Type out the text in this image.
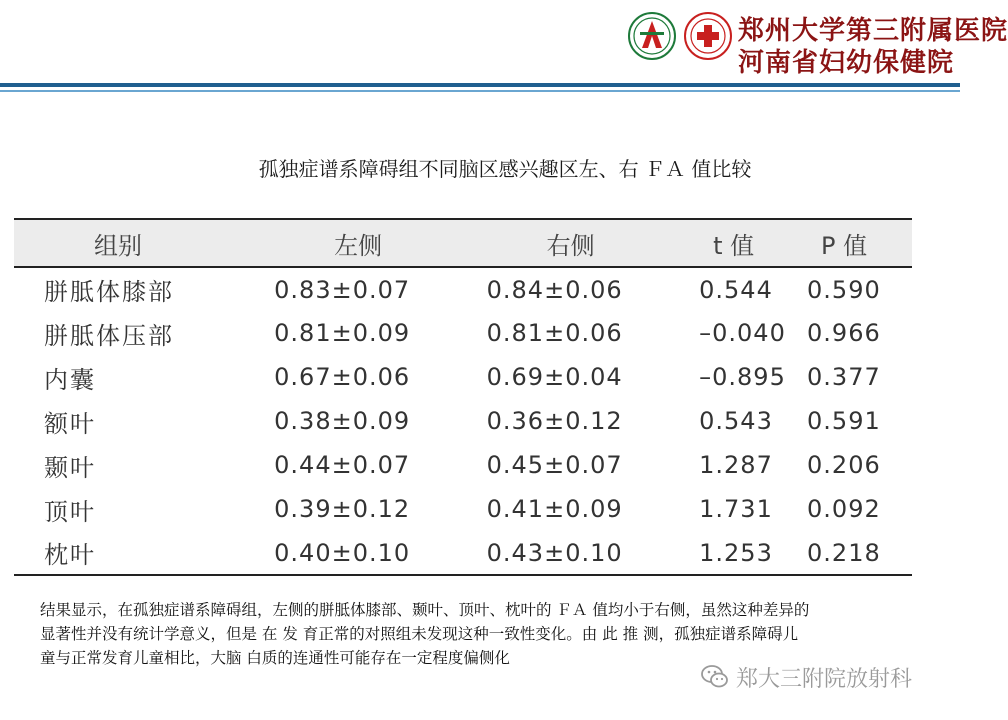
郑州大学第三附属医院
河南省妇幼保健院
孤独症谱系障碍组不同脑区感兴趣区左、右 ＦＡ 值比较
组别	左侧	右侧	t 值	P 值
胼胝体膝部	0.83±0.07	0.84±0.06	0.544	0.590
胼胝体压部	0.81±0.09	0.81±0.06	–0.040	0.966
内囊	0.67±0.06	0.69±0.04	–0.895	0.377
额叶	0.38±0.09	0.36±0.12	0.543	0.591
颞叶	0.44±0.07	0.45±0.07	1.287	0.206
顶叶	0.39±0.12	0.41±0.09	1.731	0.092
枕叶	0.40±0.10	0.43±0.10	1.253	0.218
结果显示，在孤独症谱系障碍组，左侧的胼胝体膝部、颞叶、顶叶、枕叶的 ＦＡ 值均小于右侧，虽然这种差异的
显著性并没有统计学意义，但是 在 发 育正常的对照组未发现这种一致性变化。由 此 推 测，孤独症谱系障碍儿
童与正常发育儿童相比，大脑 白质的连通性可能存在一定程度偏侧化
郑大三附院放射科
